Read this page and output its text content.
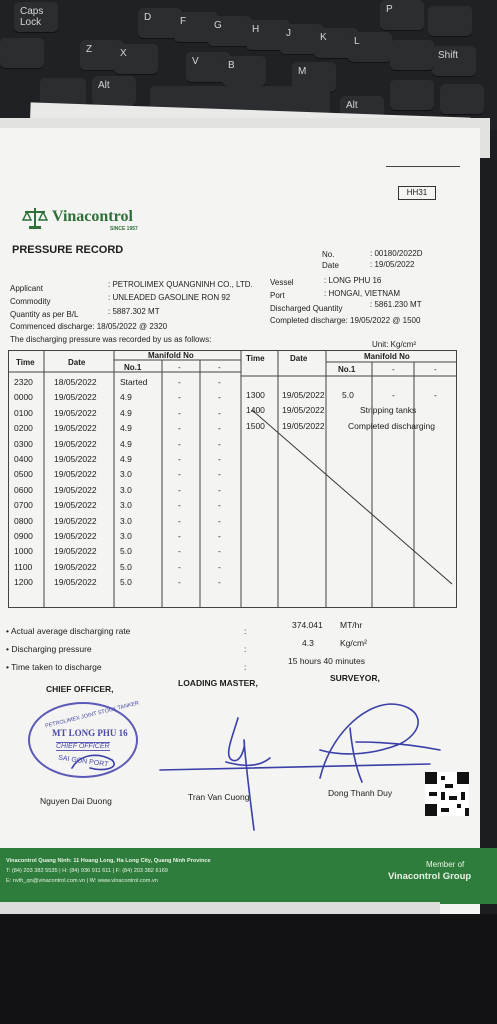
Caps Lock	D	F	G	H	J	K	L
P
Z	X
V	B
M
Alt
Alt
Shift
HH31
Vinacontrol
SINCE 1957
PRESSURE RECORD	No.	: 00180/2022D
Date	: 19/05/2022
Applicant	: PETROLIMEX QUANGNINH CO., LTD.
Commodity	: UNLEADED GASOLINE RON 92
Quantity as per B/L	: 5887.302 MT
Commenced discharge: 18/05/2022 @ 2320
The discharging pressure was recorded by us as follows:
Vessel	: LONG PHU 16
Port	: HONGAI, VIETNAM
Discharged Quantity	: 5861.230 MT
Completed discharge: 19/05/2022 @ 1500
Unit: Kg/cm²
Time	Date
Manifold No
No.1	-	-
Time	Date	Manifold No
No.1	-	-
2320 18/05/2022	Started	-	-
0000 19/05/2022	4.9	-	-
0100 19/05/2022	4.9	-	-
0200 19/05/2022	4.9	-	-
0300 19/05/2022	4.9	-	-
0400 19/05/2022	4.9	-	-
0500 19/05/2022	3.0	-	-
0600 19/05/2022	3.0	-	-
0700 19/05/2022	3.0	-	-
0800 19/05/2022	3.0	-	-
0900 19/05/2022	3.0	-	-
1000 19/05/2022	5.0	-	-
1100	19/05/2022	5.0	-	-
1200 19/05/2022	5.0	-	-
1300 19/05/2022 5.0	-	-
1400 19/05/2022	Stripping tanks
1500 19/05/2022	Completed discharging
• Actual average discharging rate	:
374.041 MT/hr
• Discharging pressure	:
4.3	Kg/cm²
• Time taken to discharge	:
15 hours 40 minutes
CHIEF OFFICER,
LOADING MASTER,	SURVEYOR,
PETROLIMEX JOINT STOCK TANKER
MT LONG PHU 16
CHIEF OFFICER
SAI GON PORT
Nguyen Dai Duong	Tran Van Cuong	Dong Thanh Duy
Vinacontrol Quang Ninh: 11 Hoang Long, Ha Long City, Quang Ninh Province
T: (84) 203 382 5535 | H: (84) 936 911 611 | F: (84) 203 382 6169
E: nvth_qn@vinacontrol.com.vn | W: www.vinacontrol.com.vn
Member of
Vinacontrol Group
